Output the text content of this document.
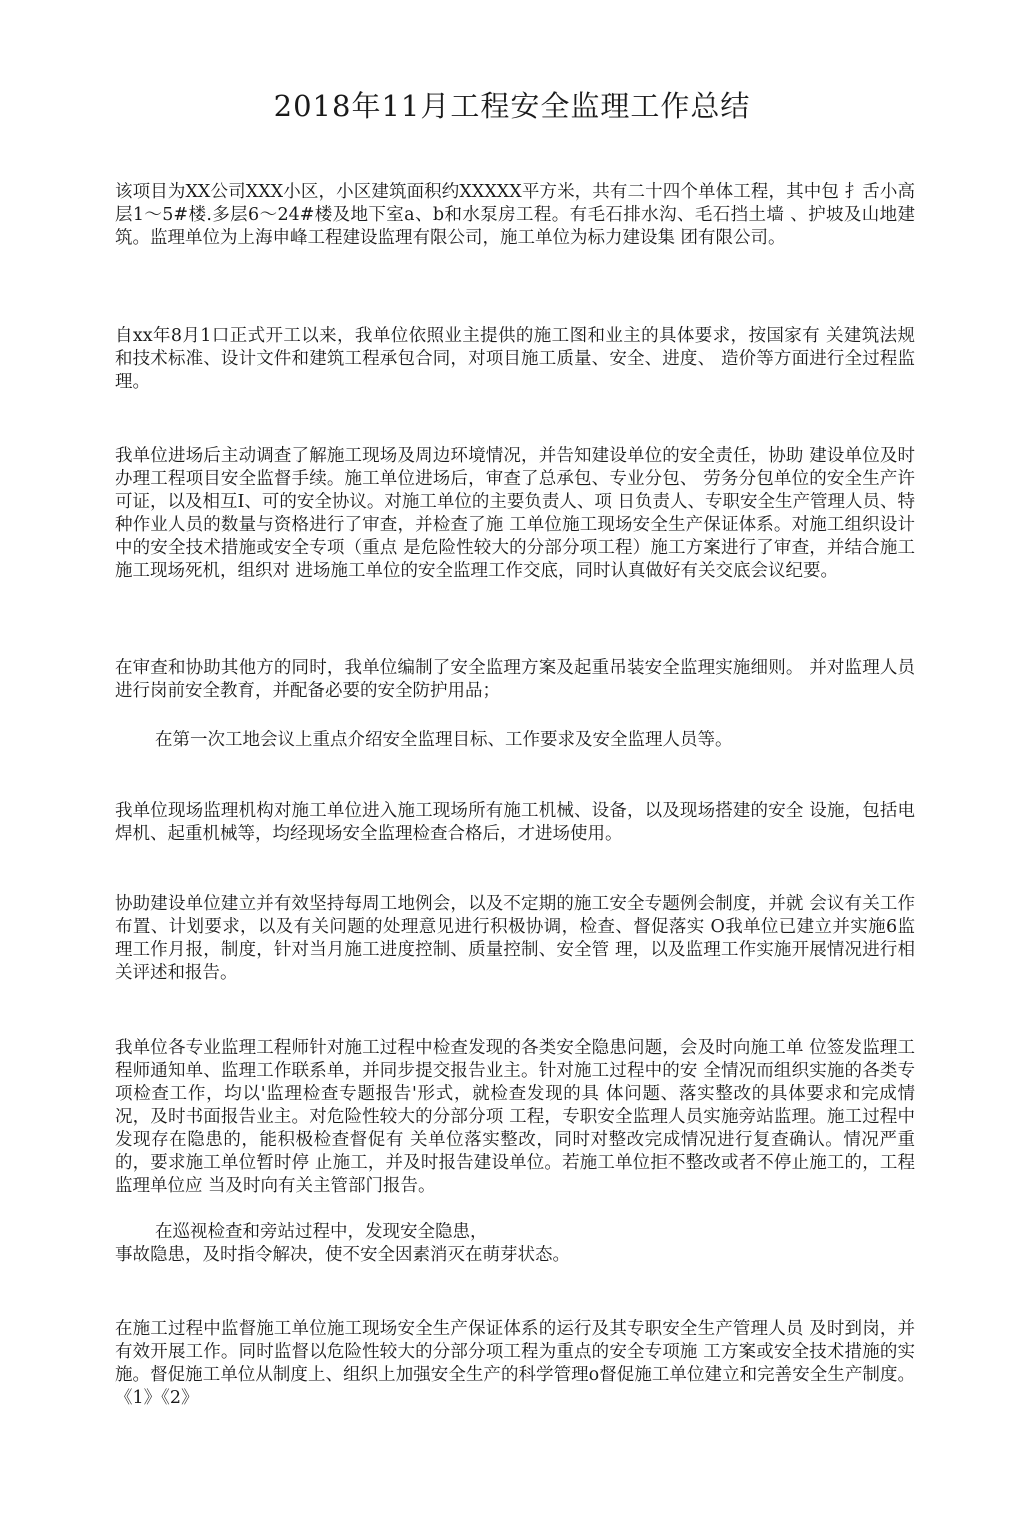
2018年11月工程安全监理工作总结

该项目为XX公司XXX小区，小区建筑面积约XXXXX平方米，共有二十四个单体工程，其中包 扌舌小高层1～5#楼.多层6～24#楼及地下室a、b和水泵房工程。有毛石排水沟、毛石挡土墙 、护坡及山地建筑。监理单位为上海申峰工程建设监理有限公司，施工单位为标力建设集 团有限公司。

自xx年8月1口正式开工以来，我单位依照业主提供的施工图和业主的具体要求，按国家有 关建筑法规和技术标准、设计文件和建筑工程承包合同，对项目施工质量、安全、进度、 造价等方面进行全过程监理。

我单位进场后主动调查了解施工现场及周边环境情况，并告知建设单位的安全责任，协助 建设单位及时办理工程项目安全监督手续。施工单位进场后，审查了总承包、专业分包、 劳务分包单位的安全生产许可证，以及相互I、可的安全协议。对施工单位的主要负责人、项 日负责人、专职安全生产管理人员、特种作业人员的数量与资格进行了审查，并检查了施 工单位施工现场安全生产保证体系。对施工组织设计中的安全技术措施或安全专项（重点 是危险性较大的分部分项工程）施工方案进行了审查，并结合施工施工现场死机，组织对 进场施工单位的安全监理工作交底，同时认真做好有关交底会议纪要。

在审查和协助其他方的同时，我单位编制了安全监理方案及起重吊装安全监理实施细则。 并对监理人员进行岗前安全教育，并配备必要的安全防护用品；

在第一次工地会议上重点介绍安全监理目标、工作要求及安全监理人员等。

我单位现场监理机构对施工单位进入施工现场所有施工机械、设备，以及现场搭建的安全 设施，包括电焊机、起重机械等，均经现场安全监理检查合格后，才进场使用。

协助建设单位建立并有效坚持每周工地例会，以及不定期的施工安全专题例会制度，并就 会议有关工作布置、计划要求，以及有关问题的处理意见进行积极协调，检查、督促落实 O我单位已建立并实施6监理工作月报，制度，针对当月施工进度控制、质量控制、安全管 理，以及监理工作实施开展情况进行相关评述和报告。

我单位各专业监理工程师针对施工过程中检查发现的各类安全隐患问题，会及时向施工单 位签发监理工程师通知单、监理工作联系单，并同步提交报告业主。针对施工过程中的安 全情况而组织实施的各类专项检查工作，均以'监理检查专题报告'形式，就检查发现的具 体问题、落实整改的具体要求和完成情况，及时书面报告业主。对危险性较大的分部分项 工程，专职安全监理人员实施旁站监理。施工过程中发现存在隐患的，能积极检查督促有 关单位落实整改，同时对整改完成情况进行复查确认。情况严重的，要求施工单位暂时停 止施工，并及时报告建设单位。若施工单位拒不整改或者不停止施工的，工程监理单位应 当及时向有关主管部门报告。

在巡视检查和旁站过程中，发现安全隐患，
事故隐患，及时指令解决，使不安全因素消灭在萌芽状态。

在施工过程中监督施工单位施工现场安全生产保证体系的运行及其专职安全生产管理人员 及时到岗，并有效开展工作。同时监督以危险性较大的分部分项工程为重点的安全专项施 工方案或安全技术措施的实施。督促施工单位从制度上、组织上加强安全生产的科学管理o督促施工单位建立和完善安全生产制度。《1》《2》
